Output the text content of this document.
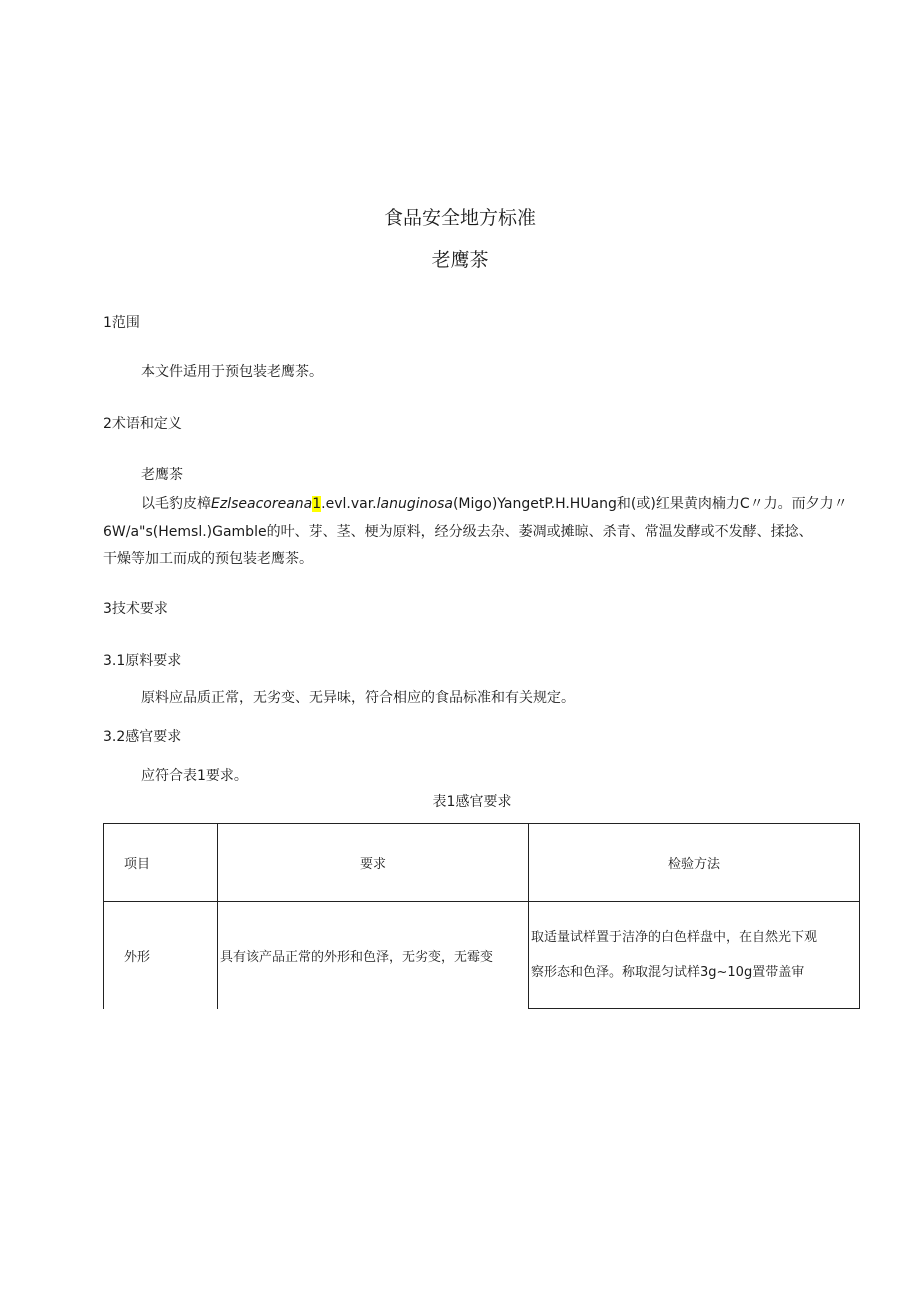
食品安全地方标准
老鹰茶
1范围
本文件适用于预包装老鹰茶。
2术语和定义
老鹰茶
以毛豹皮樟Ezlseacoreana1.evl.var.lanuginosa(Migo)YangetP.H.HUang和(或)红果黄肉楠力C〃力。而夕力〃
6W/a"s(Hemsl.)Gamble的叶、芽、茎、梗为原料，经分级去杂、萎凋或摊晾、杀青、常温发酵或不发酵、揉捻、
干燥等加工而成的预包装老鹰茶。
3技术要求
3.1原料要求
原料应品质正常，无劣变、无异味，符合相应的食品标准和有关规定。
3.2感官要求
应符合表1要求。
表1感官要求
项目	要求	检验方法
外形	具有该产品正常的外形和色泽，无劣变，无霉变	取适量试样置于洁净的白色样盘中，在自然光下观
察形态和色泽。称取混匀试样3g~10g置带盖审
